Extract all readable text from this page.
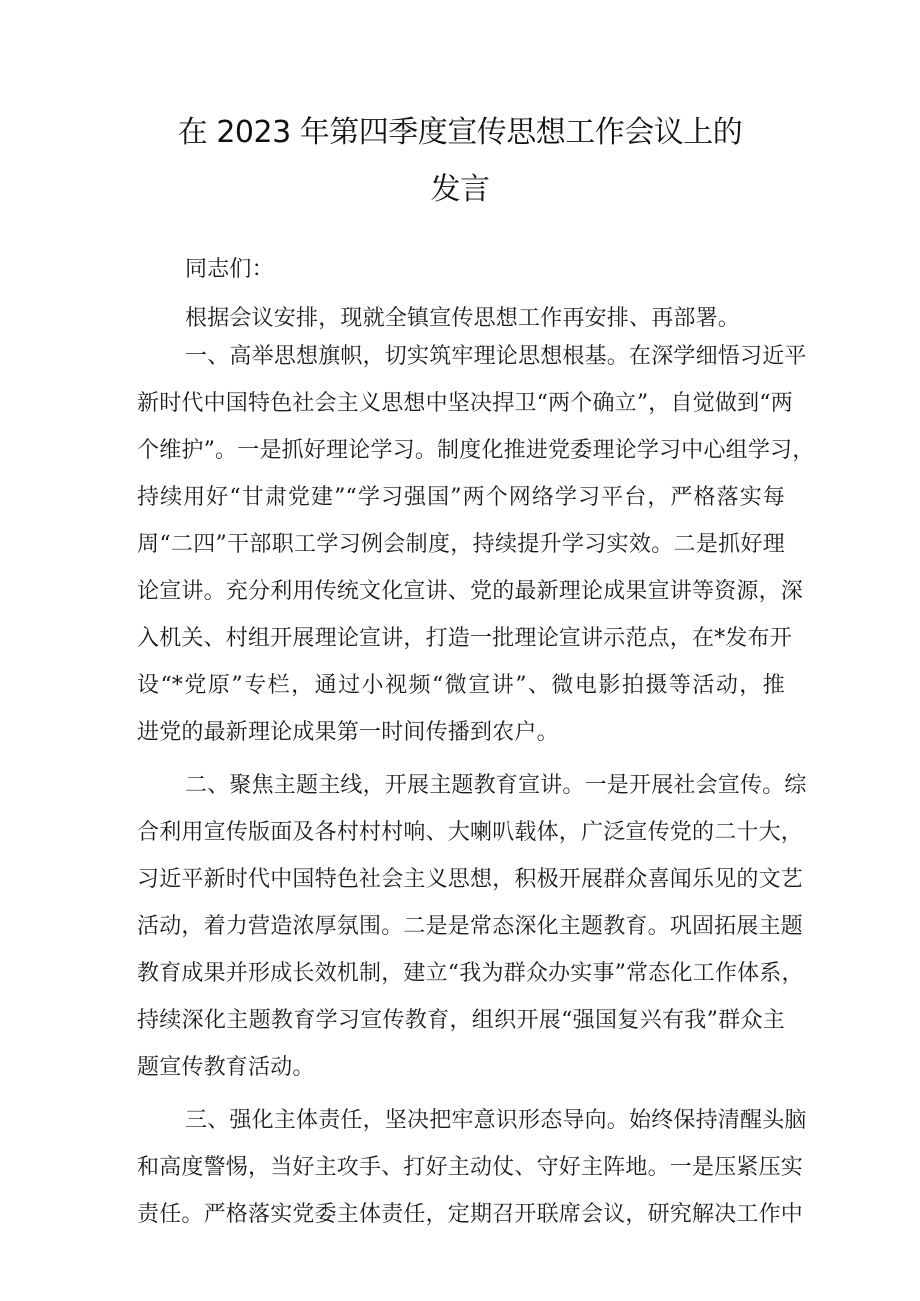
在 2023 年第四季度宣传思想工作会议上的
发言
同志们：
根据会议安排，现就全镇宣传思想工作再安排、再部署。
一、高举思想旗帜，切实筑牢理论思想根基。在深学细悟习近平
新时代中国特色社会主义思想中坚决捍卫“两个确立”，自觉做到“两
个维护”。一是抓好理论学习。制度化推进党委理论学习中心组学习，
持续用好“甘肃党建”“学习强国”两个网络学习平台，严格落实每
周“二四”干部职工学习例会制度，持续提升学习实效。二是抓好理
论宣讲。充分利用传统文化宣讲、党的最新理论成果宣讲等资源，深
入机关、村组开展理论宣讲，打造一批理论宣讲示范点，在*发布开
设“*党原”专栏，通过小视频“微宣讲”、微电影拍摄等活动，推
进党的最新理论成果第一时间传播到农户。
二、聚焦主题主线，开展主题教育宣讲。一是开展社会宣传。综
合利用宣传版面及各村村村响、大喇叭载体，广泛宣传党的二十大，
习近平新时代中国特色社会主义思想，积极开展群众喜闻乐见的文艺
活动，着力营造浓厚氛围。二是是常态深化主题教育。巩固拓展主题
教育成果并形成长效机制，建立“我为群众办实事”常态化工作体系，
持续深化主题教育学习宣传教育，组织开展“强国复兴有我”群众主
题宣传教育活动。
三、强化主体责任，坚决把牢意识形态导向。始终保持清醒头脑
和高度警惕，当好主攻手、打好主动仗、守好主阵地。一是压紧压实
责任。严格落实党委主体责任，定期召开联席会议，研究解决工作中
